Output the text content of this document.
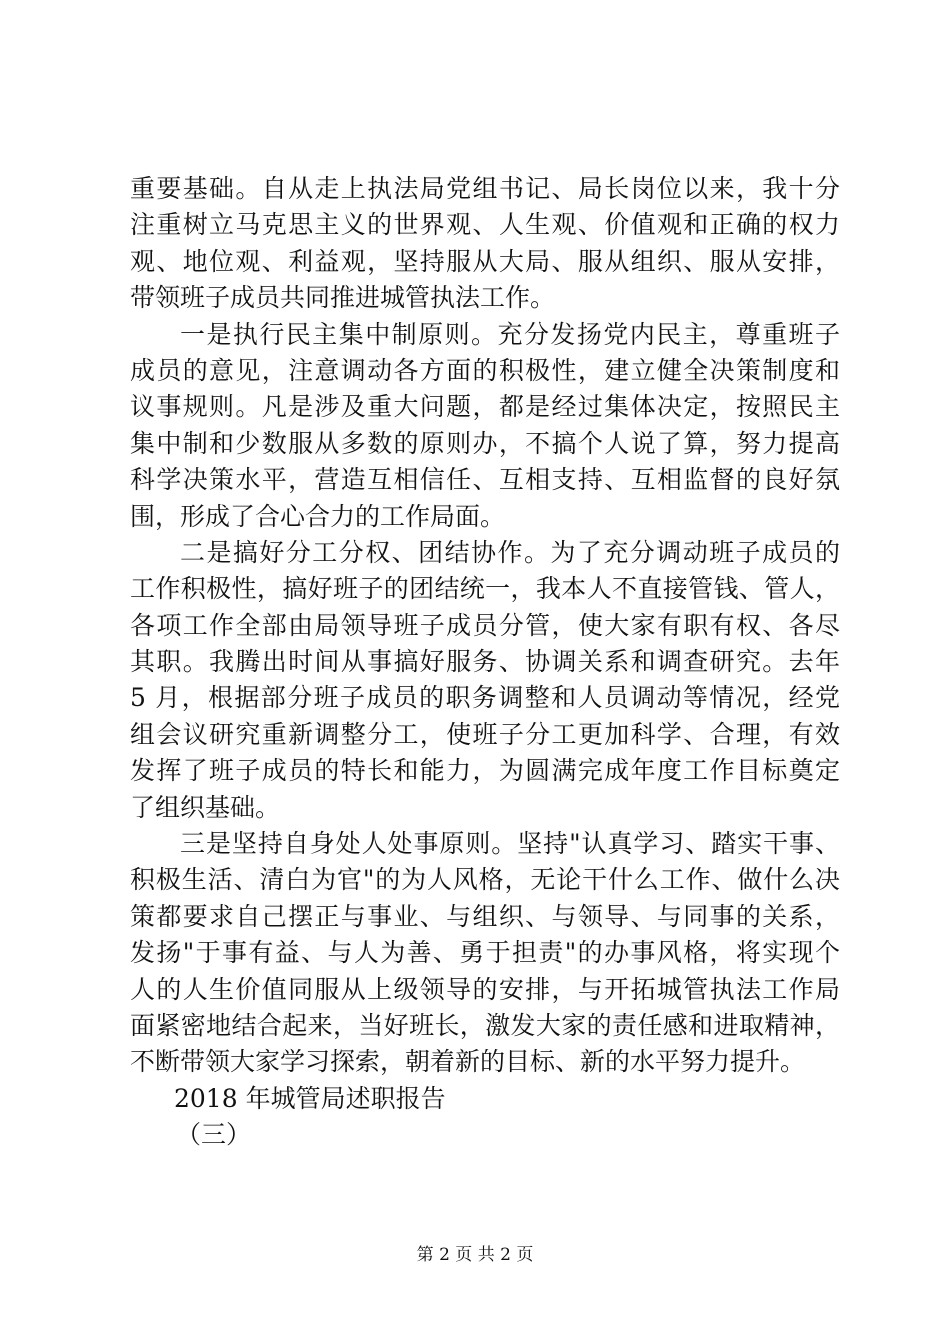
重要基础。自从走上执法局党组书记、局长岗位以来，我十分
注重树立马克思主义的世界观、人生观、价值观和正确的权力
观、地位观、利益观，坚持服从大局、服从组织、服从安排，
带领班子成员共同推进城管执法工作。
一是执行民主集中制原则。充分发扬党内民主，尊重班子
成员的意见，注意调动各方面的积极性，建立健全决策制度和
议事规则。凡是涉及重大问题，都是经过集体决定，按照民主
集中制和少数服从多数的原则办，不搞个人说了算，努力提高
科学决策水平，营造互相信任、互相支持、互相监督的良好氛
围，形成了合心合力的工作局面。
二是搞好分工分权、团结协作。为了充分调动班子成员的
工作积极性，搞好班子的团结统一，我本人不直接管钱、管人，
各项工作全部由局领导班子成员分管，使大家有职有权、各尽
其职。我腾出时间从事搞好服务、协调关系和调查研究。去年
5 月，根据部分班子成员的职务调整和人员调动等情况，经党
组会议研究重新调整分工，使班子分工更加科学、合理，有效
发挥了班子成员的特长和能力，为圆满完成年度工作目标奠定
了组织基础。
三是坚持自身处人处事原则。坚持"认真学习、踏实干事、
积极生活、清白为官"的为人风格，无论干什么工作、做什么决
策都要求自己摆正与事业、与组织、与领导、与同事的关系，
发扬"于事有益、与人为善、勇于担责"的办事风格，将实现个
人的人生价值同服从上级领导的安排，与开拓城管执法工作局
面紧密地结合起来，当好班长，激发大家的责任感和进取精神，
不断带领大家学习探索，朝着新的目标、新的水平努力提升。
2018 年城管局述职报告
（三）
第 2 页 共 2 页
